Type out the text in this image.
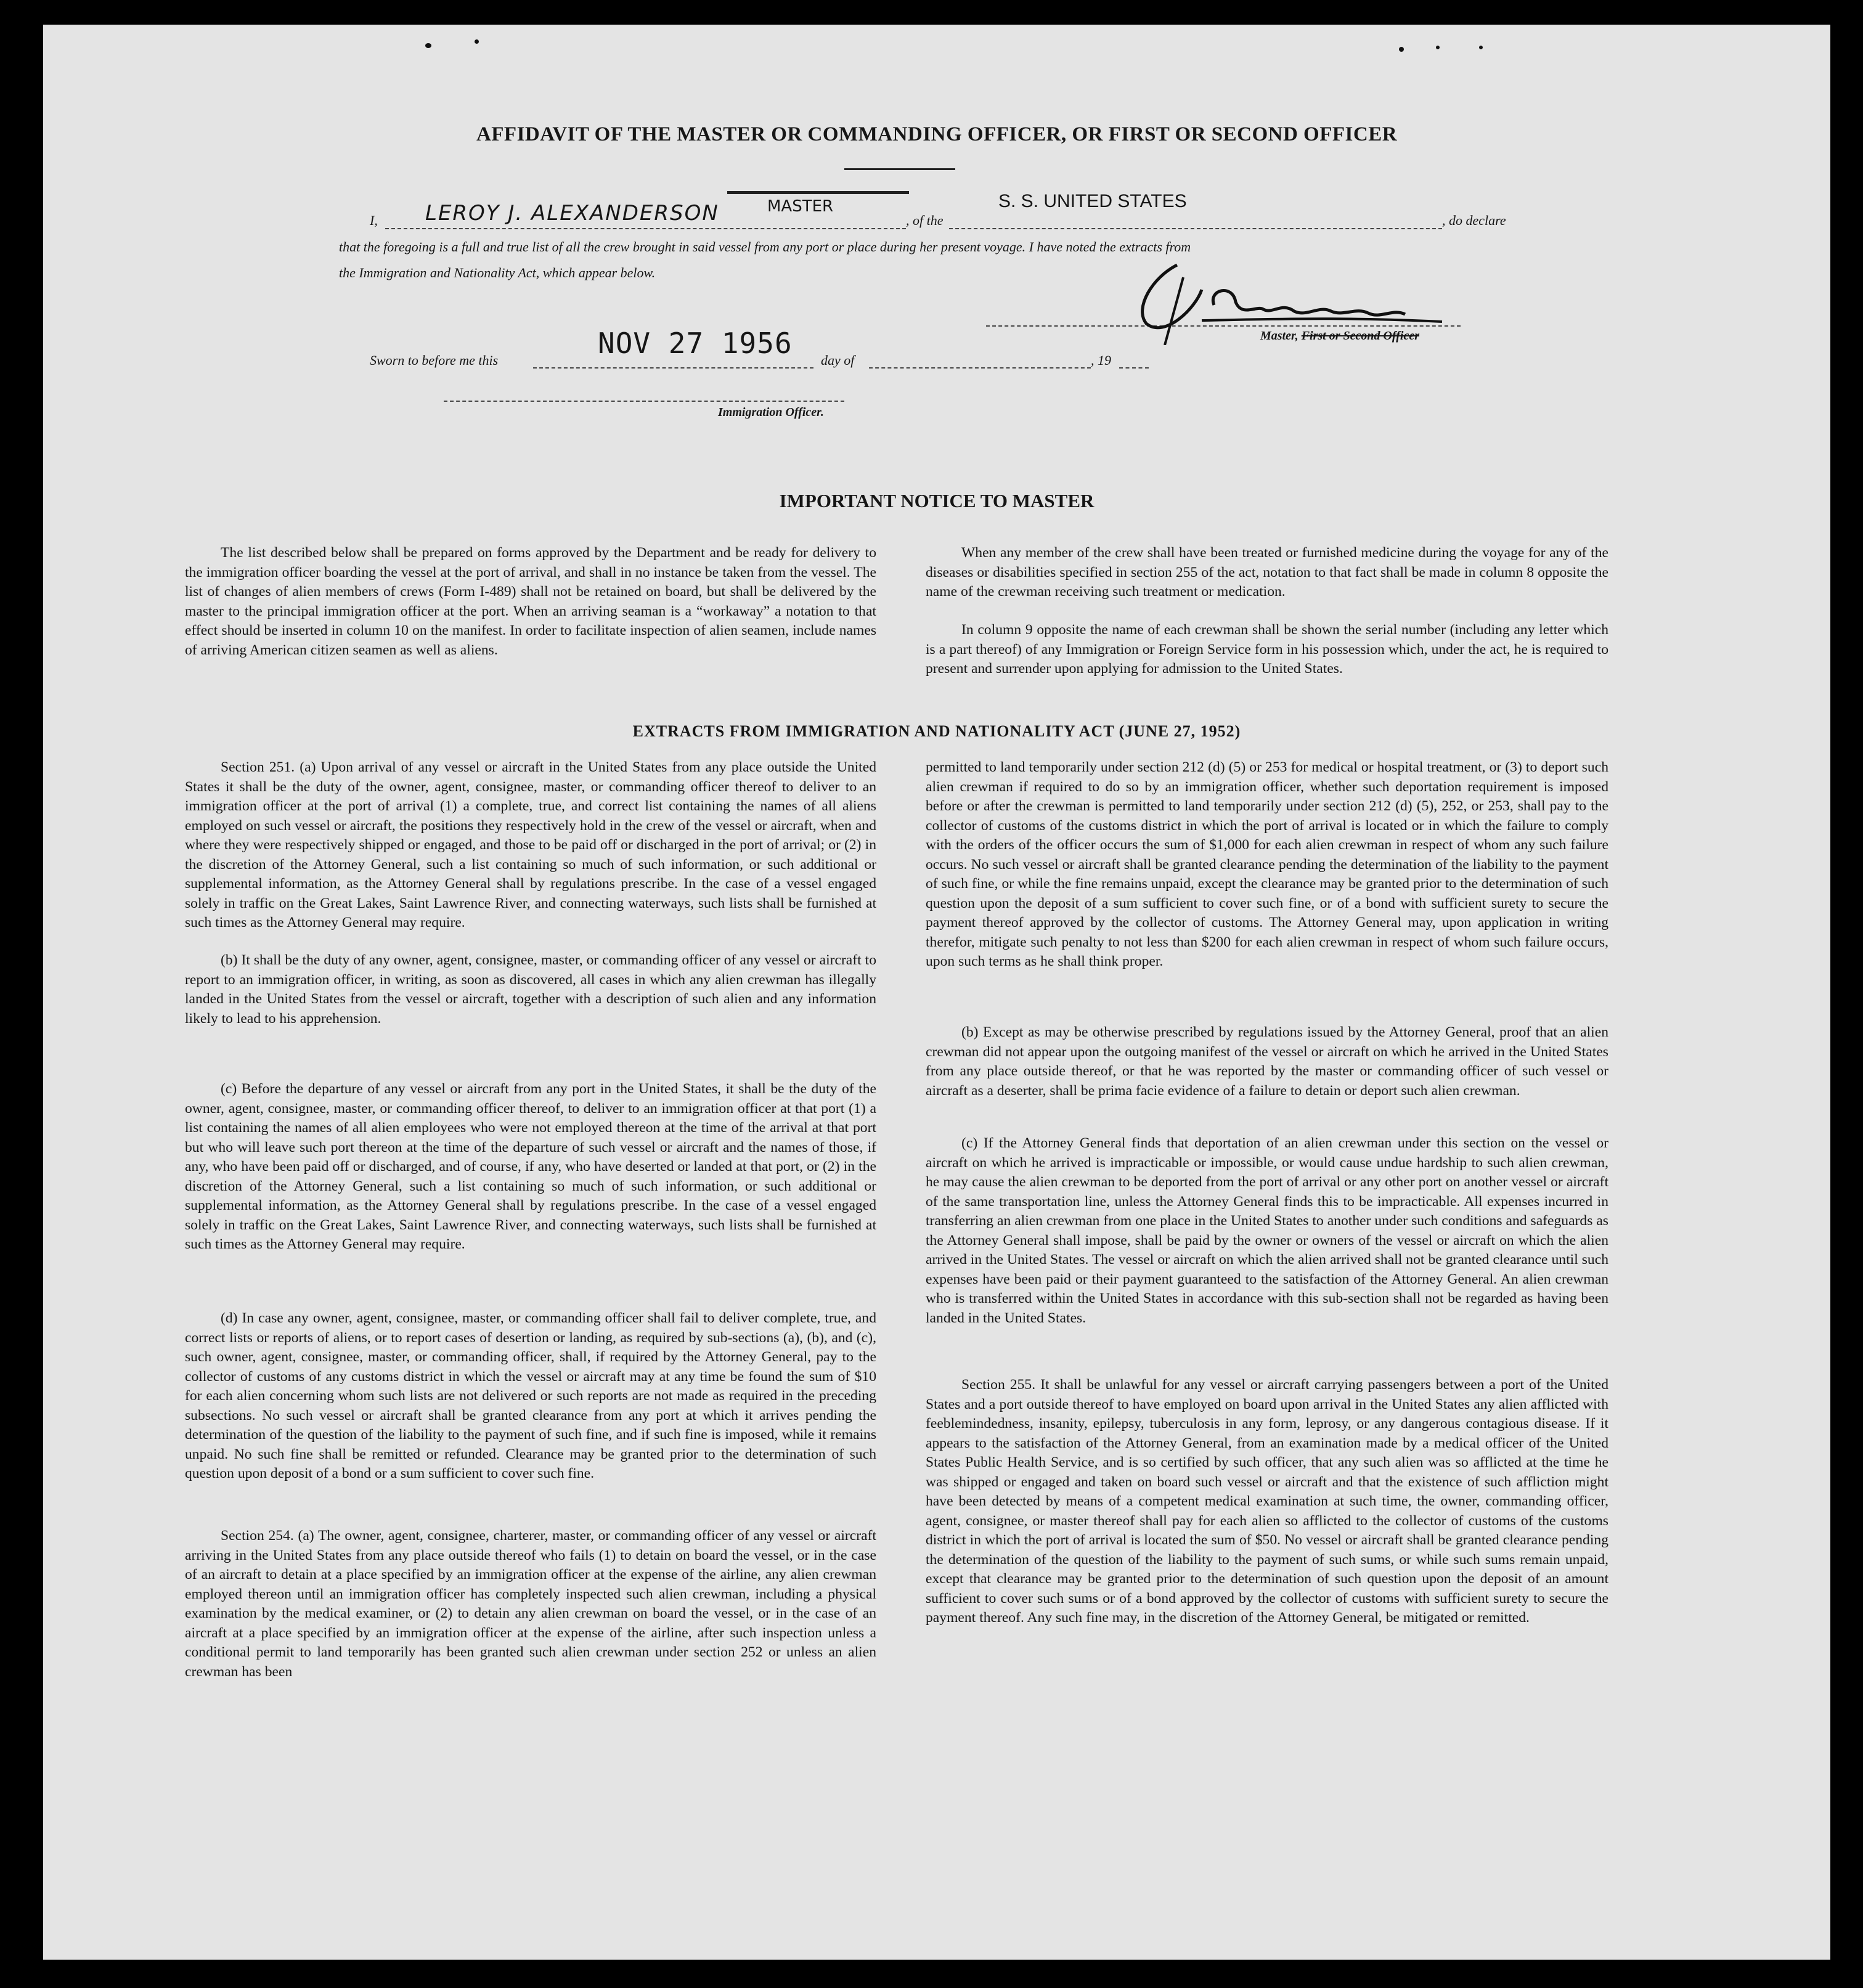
AFFIDAVIT OF THE MASTER OR COMMANDING OFFICER, OR FIRST OR SECOND OFFICER
I, LEROY J. ALEXANDERSON	MASTER
, of the
S. S. UNITED STATES
, do declare
that the foregoing is a full and true list of all the crew brought in said vessel from any port or place during her present voyage. I have noted the extracts from
the Immigration and Nationality Act, which appear below.
Master, First or Second Officer
Sworn to before me this
NOV 27 1956
day of	, 19
Immigration Officer.
IMPORTANT NOTICE TO MASTER

The list described below shall be prepared on forms approved by the Department and be ready for delivery to the immigration officer boarding the vessel at the port of arrival, and shall in no instance be taken from the vessel. The list of changes of alien members of crews (Form I-489) shall not be retained on board, but shall be delivered by the master to the principal immigration officer at the port. When an arriving seaman is a “workaway” a notation to that effect should be inserted in column 10 on the manifest. In order to facilitate inspection of alien seamen, include names of arriving American citizen seamen as well as aliens.

When any member of the crew shall have been treated or furnished medicine during the voyage for any of the diseases or disabilities specified in section 255 of the act, notation to that fact shall be made in column 8 opposite the name of the crewman receiving such treatment or medication.

In column 9 opposite the name of each crewman shall be shown the serial number (including any letter which is a part thereof) of any Immigration or Foreign Service form in his possession which, under the act, he is required to present and surrender upon applying for admission to the United States.

EXTRACTS FROM IMMIGRATION AND NATIONALITY ACT (JUNE 27, 1952)

Section 251. (a) Upon arrival of any vessel or aircraft in the United States from any place outside the United States it shall be the duty of the owner, agent, consignee, master, or commanding officer thereof to deliver to an immigration officer at the port of arrival (1) a complete, true, and correct list containing the names of all aliens employed on such vessel or aircraft, the positions they respectively hold in the crew of the vessel or aircraft, when and where they were respectively shipped or engaged, and those to be paid off or discharged in the port of arrival; or (2) in the discretion of the Attorney General, such a list containing so much of such information, or such additional or supplemental information, as the Attorney General shall by regulations prescribe. In the case of a vessel engaged solely in traffic on the Great Lakes, Saint Lawrence River, and connecting waterways, such lists shall be furnished at such times as the Attorney General may require.

(b) It shall be the duty of any owner, agent, consignee, master, or commanding officer of any vessel or aircraft to report to an immigration officer, in writing, as soon as discovered, all cases in which any alien crewman has illegally landed in the United States from the vessel or aircraft, together with a description of such alien and any information likely to lead to his apprehension.

(c) Before the departure of any vessel or aircraft from any port in the United States, it shall be the duty of the owner, agent, consignee, master, or commanding officer thereof, to deliver to an immigration officer at that port (1) a list containing the names of all alien employees who were not employed thereon at the time of the arrival at that port but who will leave such port thereon at the time of the departure of such vessel or aircraft and the names of those, if any, who have been paid off or discharged, and of course, if any, who have deserted or landed at that port, or (2) in the discretion of the Attorney General, such a list containing so much of such information, or such additional or supplemental information, as the Attorney General shall by regulations prescribe. In the case of a vessel engaged solely in traffic on the Great Lakes, Saint Lawrence River, and connecting waterways, such lists shall be furnished at such times as the Attorney General may require.

(d) In case any owner, agent, consignee, master, or commanding officer shall fail to deliver complete, true, and correct lists or reports of aliens, or to report cases of desertion or landing, as required by sub-sections (a), (b), and (c), such owner, agent, consignee, master, or commanding officer, shall, if required by the Attorney General, pay to the collector of customs of any customs district in which the vessel or aircraft may at any time be found the sum of $10 for each alien concerning whom such lists are not delivered or such reports are not made as required in the preceding subsections. No such vessel or aircraft shall be granted clearance from any port at which it arrives pending the determination of the question of the liability to the payment of such fine, and if such fine is imposed, while it remains unpaid. No such fine shall be remitted or refunded. Clearance may be granted prior to the determination of such question upon deposit of a bond or a sum sufficient to cover such fine.

Section 254. (a) The owner, agent, consignee, charterer, master, or commanding officer of any vessel or aircraft arriving in the United States from any place outside thereof who fails (1) to detain on board the vessel, or in the case of an aircraft to detain at a place specified by an immigration officer at the expense of the airline, any alien crewman employed thereon until an immigration officer has completely inspected such alien crewman, including a physical examination by the medical examiner, or (2) to detain any alien crewman on board the vessel, or in the case of an aircraft at a place specified by an immigration officer at the expense of the airline, after such inspection unless a conditional permit to land temporarily has been granted such alien crewman under section 252 or unless an alien crewman has been

permitted to land temporarily under section 212 (d) (5) or 253 for medical or hospital treatment, or (3) to deport such alien crewman if required to do so by an immigration officer, whether such deportation requirement is imposed before or after the crewman is permitted to land temporarily under section 212 (d) (5), 252, or 253, shall pay to the collector of customs of the customs district in which the port of arrival is located or in which the failure to comply with the orders of the officer occurs the sum of $1,000 for each alien crewman in respect of whom any such failure occurs. No such vessel or aircraft shall be granted clearance pending the determination of the liability to the payment of such fine, or while the fine remains unpaid, except the clearance may be granted prior to the determination of such question upon the deposit of a sum sufficient to cover such fine, or of a bond with sufficient surety to secure the payment thereof approved by the collector of customs. The Attorney General may, upon application in writing therefor, mitigate such penalty to not less than $200 for each alien crewman in respect of whom such failure occurs, upon such terms as he shall think proper.

(b) Except as may be otherwise prescribed by regulations issued by the Attorney General, proof that an alien crewman did not appear upon the outgoing manifest of the vessel or aircraft on which he arrived in the United States from any place outside thereof, or that he was reported by the master or commanding officer of such vessel or aircraft as a deserter, shall be prima facie evidence of a failure to detain or deport such alien crewman.

(c) If the Attorney General finds that deportation of an alien crewman under this section on the vessel or aircraft on which he arrived is impracticable or impossible, or would cause undue hardship to such alien crewman, he may cause the alien crewman to be deported from the port of arrival or any other port on another vessel or aircraft of the same transportation line, unless the Attorney General finds this to be impracticable. All expenses incurred in transferring an alien crewman from one place in the United States to another under such conditions and safeguards as the Attorney General shall impose, shall be paid by the owner or owners of the vessel or aircraft on which the alien arrived in the United States. The vessel or aircraft on which the alien arrived shall not be granted clearance until such expenses have been paid or their payment guaranteed to the satisfaction of the Attorney General. An alien crewman who is transferred within the United States in accordance with this sub-section shall not be regarded as having been landed in the United States.

Section 255. It shall be unlawful for any vessel or aircraft carrying passengers between a port of the United States and a port outside thereof to have employed on board upon arrival in the United States any alien afflicted with feeblemindedness, insanity, epilepsy, tuberculosis in any form, leprosy, or any dangerous contagious disease. If it appears to the satisfaction of the Attorney General, from an examination made by a medical officer of the United States Public Health Service, and is so certified by such officer, that any such alien was so afflicted at the time he was shipped or engaged and taken on board such vessel or aircraft and that the existence of such affliction might have been detected by means of a competent medical examination at such time, the owner, commanding officer, agent, consignee, or master thereof shall pay for each alien so afflicted to the collector of customs of the customs district in which the port of arrival is located the sum of $50. No vessel or aircraft shall be granted clearance pending the determination of the question of the liability to the payment of such sums, or while such sums remain unpaid, except that clearance may be granted prior to the determination of such question upon the deposit of an amount sufficient to cover such sums or of a bond approved by the collector of customs with sufficient surety to secure the payment thereof. Any such fine may, in the discretion of the Attorney General, be mitigated or remitted.
